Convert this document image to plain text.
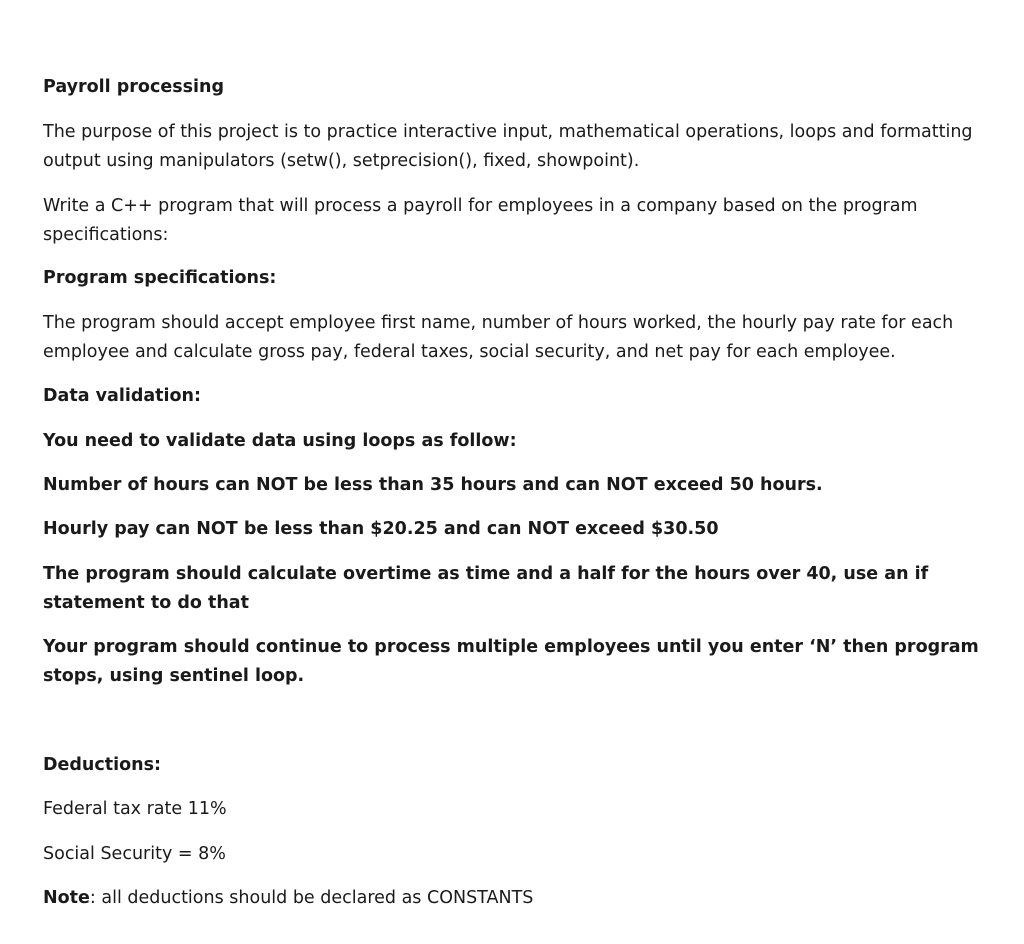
Payroll processing

The purpose of this project is to practice interactive input, mathematical operations, loops and formatting output using manipulators (setw(), setprecision(), fixed, showpoint).

Write a C++ program that will process a payroll for employees in a company based on the program specifications:

Program specifications:

The program should accept employee first name, number of hours worked, the hourly pay rate for each employee and calculate gross pay, federal taxes, social security, and net pay for each employee.

Data validation:

You need to validate data using loops as follow:

Number of hours can NOT be less than 35 hours and can NOT exceed 50 hours.

Hourly pay can NOT be less than $20.25 and can NOT exceed $30.50

The program should calculate overtime as time and a half for the hours over 40, use an if statement to do that

Your program should continue to process multiple employees until you enter ‘N’ then program stops, using sentinel loop.

Deductions:

Federal tax rate 11%

Social Security = 8%

Note: all deductions should be declared as CONSTANTS
